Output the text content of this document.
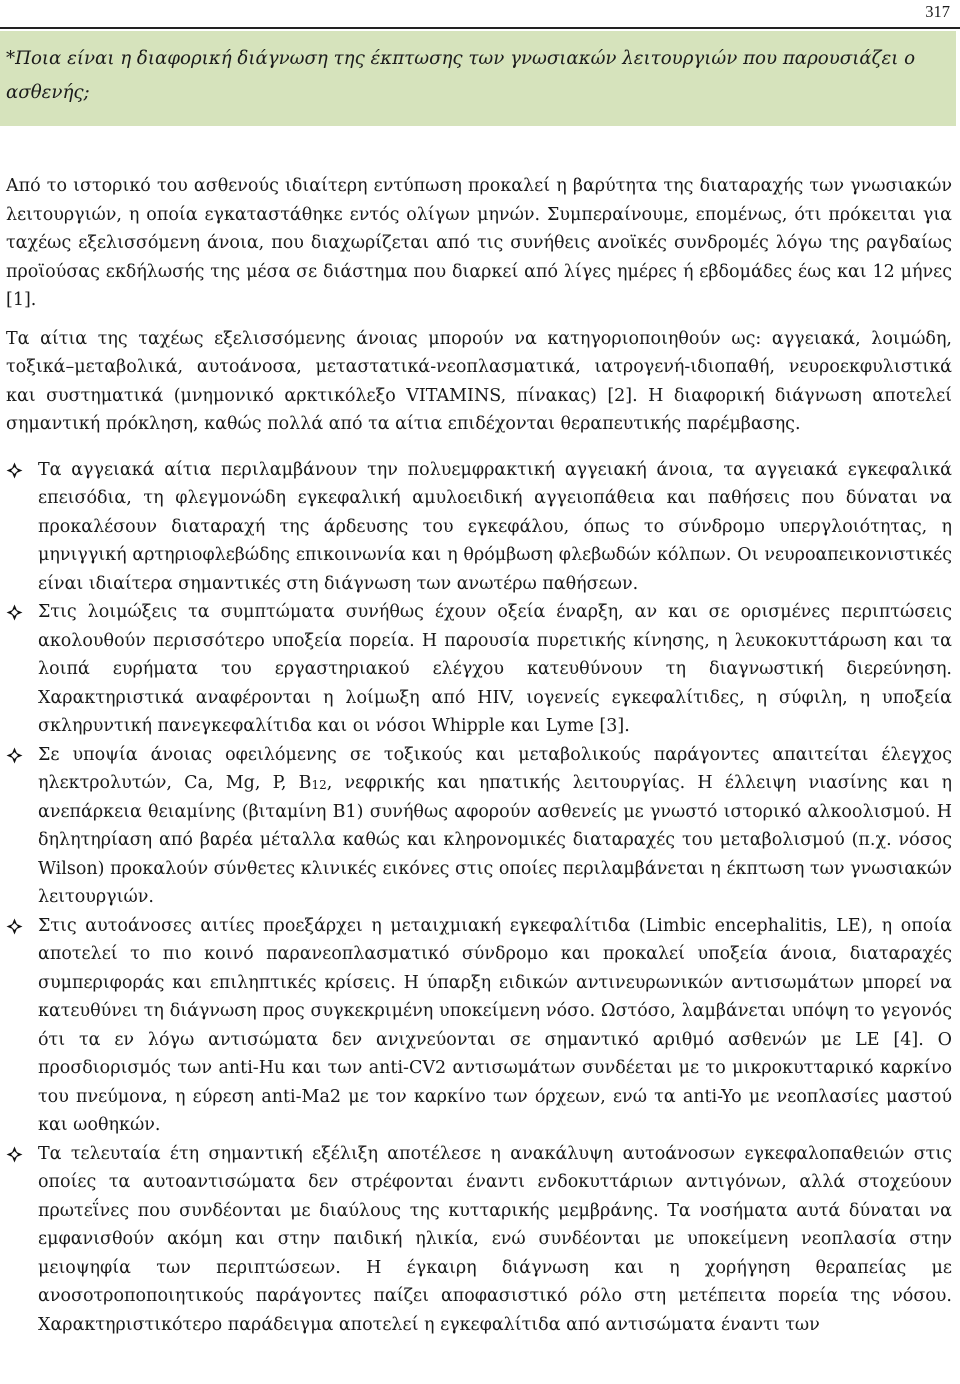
317

*Ποια είναι η διαφορική διάγνωση της έκπτωσης των γνωσιακών λειτουργιών που παρουσιάζει ο ασθενής;

Από το ιστορικό του ασθενούς ιδιαίτερη εντύπωση προκαλεί η βαρύτητα της διαταραχής των γνωσιακών λειτουργιών, η οποία εγκαταστάθηκε εντός ολίγων μηνών. Συμπεραίνουμε, επομένως, ότι πρόκειται για ταχέως εξελισσόμενη άνοια, που διαχωρίζεται από τις συνήθεις ανοϊκές συνδρομές λόγω της ραγδαίως προϊούσας εκδήλωσής της μέσα σε διάστημα που διαρκεί από λίγες ημέρες ή εβδομάδες έως και 12 μήνες [1].

Τα αίτια της ταχέως εξελισσόμενης άνοιας μπορούν να κατηγοριοποιηθούν ως: αγγειακά, λοιμώδη, τοξικά–μεταβολικά, αυτοάνοσα, μεταστατικά-νεοπλασματικά, ιατρογενή-ιδιοπαθή, νευροεκφυλιστικά και συστηματικά (μνημονικό αρκτικόλεξο VITAMINS, πίνακας) [2]. Η διαφορική διάγνωση αποτελεί σημαντική πρόκληση, καθώς πολλά από τα αίτια επιδέχονται θεραπευτικής παρέμβασης.

Τα αγγειακά αίτια περιλαμβάνουν την πολυεμφρακτική αγγειακή άνοια, τα αγγειακά εγκεφαλικά επεισόδια, τη φλεγμονώδη εγκεφαλική αμυλοειδική αγγειοπάθεια και παθήσεις που δύναται να προκαλέσουν διαταραχή της άρδευσης του εγκεφάλου, όπως το σύνδρομο υπεργλοιότητας, η μηνιγγική αρτηριοφλεβώδης επικοινωνία και η θρόμβωση φλεβωδών κόλπων. Οι νευροαπεικονιστικές είναι ιδιαίτερα σημαντικές στη διάγνωση των ανωτέρω παθήσεων.
Στις λοιμώξεις τα συμπτώματα συνήθως έχουν οξεία έναρξη, αν και σε ορισμένες περιπτώσεις ακολουθούν περισσότερο υποξεία πορεία. Η παρουσία πυρετικής κίνησης, η λευκοκυττάρωση και τα λοιπά ευρήματα του εργαστηριακού ελέγχου κατευθύνουν τη διαγνωστική διερεύνηση. Χαρακτηριστικά αναφέρονται η λοίμωξη από HIV, ιογενείς εγκεφαλίτιδες, η σύφιλη, η υποξεία σκληρυντική πανεγκεφαλίτιδα και οι νόσοι Whipple και Lyme [3].
Σε υποψία άνοιας οφειλόμενης σε τοξικούς και μεταβολικούς παράγοντες απαιτείται έλεγχος ηλεκτρολυτών, Ca, Mg, P, $B_{12}$, νεφρικής και ηπατικής λειτουργίας. Η έλλειψη νιασίνης και η ανεπάρκεια θειαμίνης (βιταμίνη Β1) συνήθως αφορούν ασθενείς με γνωστό ιστορικό αλκοολισμού. Η δηλητηρίαση από βαρέα μέταλλα καθώς και κληρονομικές διαταραχές του μεταβολισμού (π.χ. νόσος Wilson) προκαλούν σύνθετες κλινικές εικόνες στις οποίες περιλαμβάνεται η έκπτωση των γνωσιακών λειτουργιών.
Στις αυτοάνοσες αιτίες προεξάρχει η μεταιχμιακή εγκεφαλίτιδα (Limbic encephalitis, LE), η οποία αποτελεί το πιο κοινό παρανεοπλασματικό σύνδρομο και προκαλεί υποξεία άνοια, διαταραχές συμπεριφοράς και επιληπτικές κρίσεις. Η ύπαρξη ειδικών αντινευρωνικών αντισωμάτων μπορεί να κατευθύνει τη διάγνωση προς συγκεκριμένη υποκείμενη νόσο. Ωστόσο, λαμβάνεται υπόψη το γεγονός ότι τα εν λόγω αντισώματα δεν ανιχνεύονται σε σημαντικό αριθμό ασθενών με LE [4]. Ο προσδιορισμός των anti-Hu και των anti-CV2 αντισωμάτων συνδέεται με το μικροκυτταρικό καρκίνο του πνεύμονα, η εύρεση anti-Ma2 με τον καρκίνο των όρχεων, ενώ τα anti-Yo με νεοπλασίες μαστού και ωοθηκών.
Τα τελευταία έτη σημαντική εξέλιξη αποτέλεσε η ανακάλυψη αυτοάνοσων εγκεφαλοπαθειών στις οποίες τα αυτοαντισώματα δεν στρέφονται έναντι ενδοκυττάριων αντιγόνων, αλλά στοχεύουν πρωτεΐνες που συνδέονται με διαύλους της κυτταρικής μεμβράνης. Τα νοσήματα αυτά δύναται να εμφανισθούν ακόμη και στην παιδική ηλικία, ενώ συνδέονται με υποκείμενη νεοπλασία στην μειοψηφία των περιπτώσεων. Η έγκαιρη διάγνωση και η χορήγηση θεραπείας με ανοσοτροποποιητικούς παράγοντες παίζει αποφασιστικό ρόλο στη μετέπειτα πορεία της νόσου. Χαρακτηριστικότερο παράδειγμα αποτελεί η εγκεφαλίτιδα από αντισώματα έναντι των
